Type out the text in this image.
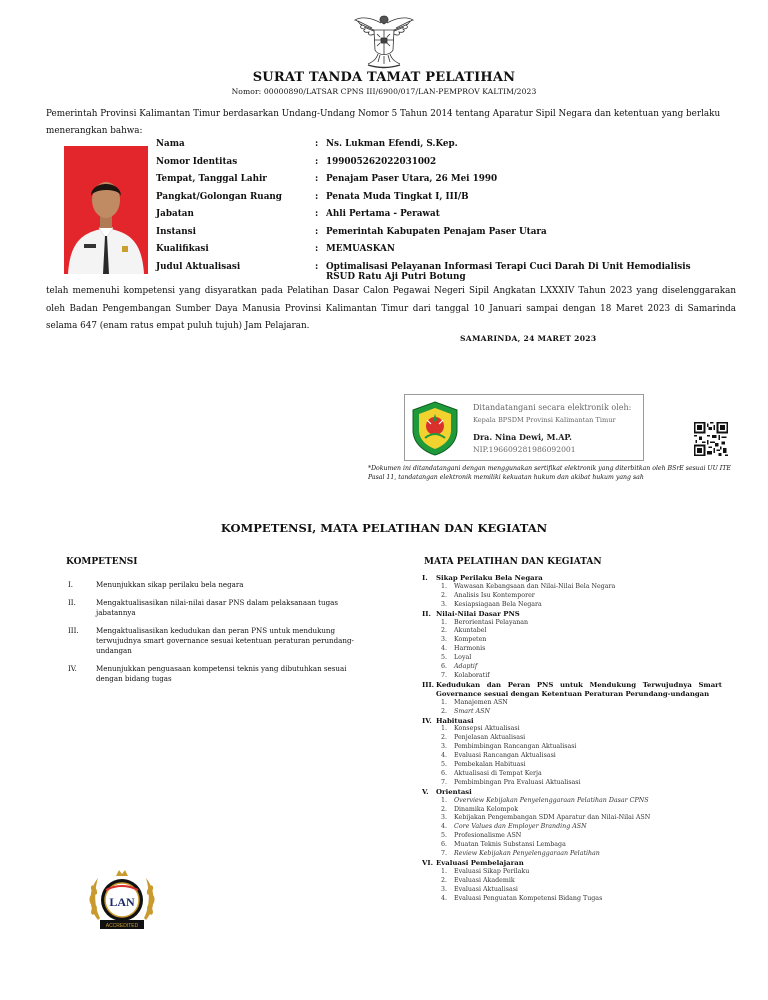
SURAT TANDA TAMAT PELATIHAN
Nomor: 00000890/LATSAR CPNS III/6900/017/LAN-PEMPROV KALTIM/2023
Pemerintah Provinsi Kalimantan Timur berdasarkan Undang-Undang Nomor 5 Tahun 2014 tentang Aparatur Sipil Negara dan ketentuan yang berlaku menerangkan bahwa:
Nama	: Ns. Lukman Efendi, S.Kep.
Nomor Identitas	: 199005262022031002
Tempat, Tanggal Lahir	: Penajam Paser Utara, 26 Mei 1990
Pangkat/Golongan Ruang	: Penata Muda Tingkat I, III/B
Jabatan	: Ahli Pertama - Perawat
Instansi	: Pemerintah Kabupaten Penajam Paser Utara
Kualifikasi	: MEMUASKAN
Judul Aktualisasi	: Optimalisasi Pelayanan Informasi Terapi Cuci Darah Di Unit Hemodialisis RSUD Ratu Aji Putri Botung
telah memenuhi kompetensi yang disyaratkan pada Pelatihan Dasar Calon Pegawai Negeri Sipil Angkatan LXXXIV Tahun 2023 yang diselenggarakan oleh Badan Pengembangan Sumber Daya Manusia Provinsi Kalimantan Timur dari tanggal 10 Januari sampai dengan 18 Maret 2023 di Samarinda selama 647 (enam ratus empat puluh tujuh) Jam Pelajaran.
SAMARINDA, 24 MARET 2023
Ditandatangani secara elektronik oleh:
Kepala BPSDM Provinsi Kalimantan Timur
Dra. Nina Dewi, M.AP.
NIP.196609281986092001
*Dokumen ini ditandatangani dengan menggunakan sertifikat elektronik yang diterbitkan oleh BSrE sesuai UU ITE Pasal 11, tandatangan elektronik memiliki kekuatan hukum dan akibat hukum yang sah
KOMPETENSI, MATA PELATIHAN DAN KEGIATAN
KOMPETENSI	MATA PELATIHAN DAN KEGIATAN
I.	Menunjukkan sikap perilaku bela negara
II.	Mengaktualisasikan nilai-nilai dasar PNS dalam pelaksanaan tugas jabatannya
III. Mengaktualisasikan kedudukan dan peran PNS untuk mendukung terwujudnya smart governance sesuai ketentuan peraturan perundang-undangan
IV.	Menunjukkan penguasaan kompetensi teknis yang dibutuhkan sesuai dengan bidang tugas
I. Sikap Perilaku Bela Negara
1. Wawasan Kebangsaan dan Nilai-Nilai Bela Negara
2. Analisis Isu Kontemporer
3. Kesiapsiagaan Bela Negara
II. Nilai-Nilai Dasar PNS
1. Berorientasi Pelayanan
2. Akuntabel
3. Kompeten
4. Harmonis
5. Loyal
6. Adaptif
7. Kolaboratif
III. Kedudukan dan Peran PNS untuk Mendukung Terwujudnya Smart Governance sesuai dengan Ketentuan Peraturan Perundang-undangan
1. Manajemen ASN
2. Smart ASN
IV. Habituasi
1. Konsepsi Aktualisasi
2. Penjelasan Aktualisasi
3. Pembimbingan Rancangan Aktualisasi
4. Evaluasi Rancangan Aktualisasi
5. Pembekalan Habituasi
6. Aktualisasi di Tempat Kerja
7. Pembimbingan Pra Evaluasi Aktualisasi
V. Orientasi
1. Overview Kebijakan Penyelenggaraan Pelatihan Dasar CPNS
2. Dinamika Kelompok
3. Kebijakan Pengembangan SDM Aparatur dan Nilai-Nilai ASN
4. Core Values dan Employer Branding ASN
5. Profesionalisme ASN
6. Muatan Teknis Substansi Lembaga
7. Review Kebijakan Penyelenggaraan Pelatihan
VI. Evaluasi Pembelajaran
1. Evaluasi Sikap Perilaku
2. Evaluasi Akademik
3. Evaluasi Aktualisasi
4. Evaluasi Penguatan Kompetensi Bidang Tugas
LAN
ACCREDITED
